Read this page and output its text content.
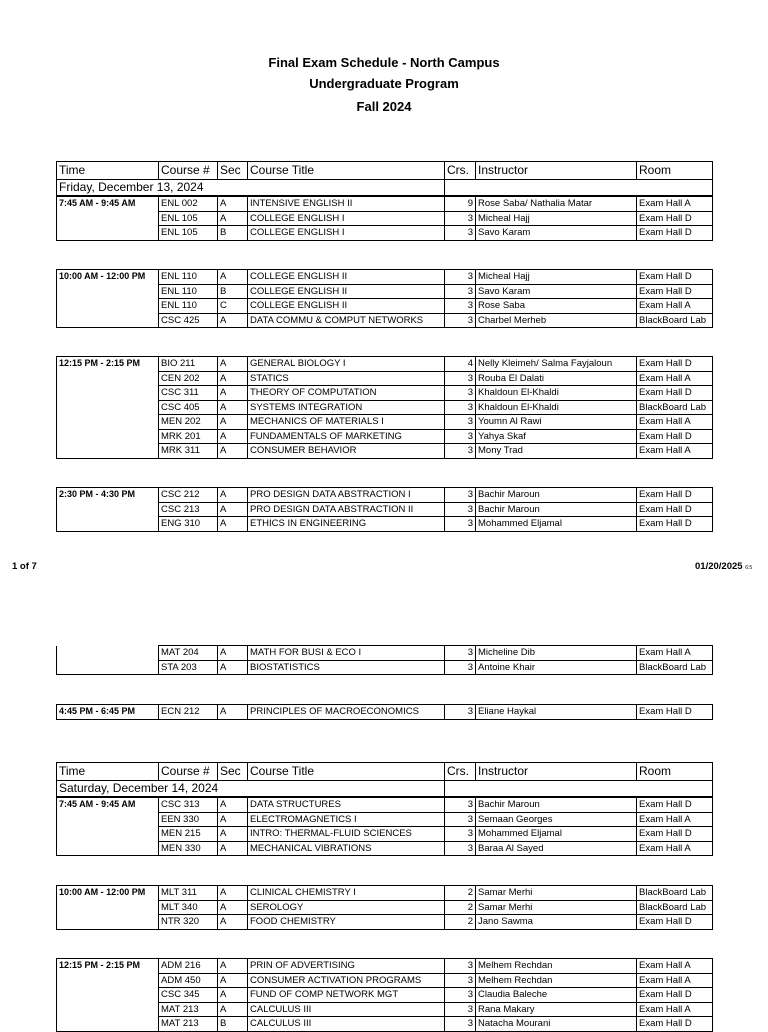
Final Exam Schedule - North Campus
Undergraduate Program
Fall 2024
Time	Course #	Sec	Course Title	Crs.	Instructor	Room
Friday, December 13, 2024						
7:45 AM - 9:45 AM	ENL 002	A	INTENSIVE ENGLISH II	9	Rose Saba/ Nathalia Matar	Exam Hall A
	ENL 105	A	COLLEGE ENGLISH I	3	Micheal Hajj	Exam Hall D
	ENL 105	B	COLLEGE ENGLISH I	3	Savo Karam	Exam Hall D
10:00 AM - 12:00 PM	ENL 110	A	COLLEGE ENGLISH II	3	Micheal Hajj	Exam Hall D
	ENL 110	B	COLLEGE ENGLISH II	3	Savo Karam	Exam Hall D
	ENL 110	C	COLLEGE ENGLISH II	3	Rose Saba	Exam Hall A
	CSC 425	A	DATA COMMU & COMPUT NETWORKS	3	Charbel Merheb	BlackBoard Lab
12:15 PM - 2:15 PM	BIO 211	A	GENERAL BIOLOGY I	4	Nelly Kleimeh/ Salma Fayjaloun	Exam Hall D
	CEN 202	A	STATICS	3	Rouba El Dalati	Exam Hall A
	CSC 311	A	THEORY OF COMPUTATION	3	Khaldoun El-Khaldi	Exam Hall D
	CSC 405	A	SYSTEMS INTEGRATION	3	Khaldoun El-Khaldi	BlackBoard Lab
	MEN 202	A	MECHANICS OF MATERIALS I	3	Youmn Al Rawi	Exam Hall A
	MRK 201	A	FUNDAMENTALS OF MARKETING	3	Yahya Skaf	Exam Hall D
	MRK 311	A	CONSUMER BEHAVIOR	3	Mony Trad	Exam Hall A
2:30 PM - 4:30 PM	CSC 212	A	PRO DESIGN DATA ABSTRACTION I	3	Bachir Maroun	Exam Hall D
	CSC 213	A	PRO DESIGN DATA ABSTRACTION II	3	Bachir Maroun	Exam Hall D
	ENG 310	A	ETHICS IN ENGINEERING	3	Mohammed Eljamal	Exam Hall D
1 of 7	01/20/2025 6:5
	MAT 204	A	MATH FOR BUSI & ECO I	3	Micheline Dib	Exam Hall A
	STA 203	A	BIOSTATISTICS	3	Antoine Khair	BlackBoard Lab
4:45 PM - 6:45 PM	ECN 212	A	PRINCIPLES OF MACROECONOMICS	3	Eliane Haykal	Exam Hall D
Time	Course #	Sec	Course Title	Crs.	Instructor	Room
Saturday, December 14, 2024						
7:45 AM - 9:45 AM	CSC 313	A	DATA STRUCTURES	3	Bachir Maroun	Exam Hall D
	EEN 330	A	ELECTROMAGNETICS I	3	Semaan Georges	Exam Hall A
	MEN 215	A	INTRO: THERMAL-FLUID SCIENCES	3	Mohammed Eljamal	Exam Hall D
	MEN 330	A	MECHANICAL VIBRATIONS	3	Baraa Al Sayed	Exam Hall A
10:00 AM - 12:00 PM	MLT 311	A	CLINICAL CHEMISTRY I	2	Samar Merhi	BlackBoard Lab
	MLT 340	A	SEROLOGY	2	Samar Merhi	BlackBoard Lab
	NTR 320	A	FOOD CHEMISTRY	2	Jano Sawma	Exam Hall D
12:15 PM - 2:15 PM	ADM 216	A	PRIN OF ADVERTISING	3	Melhem Rechdan	Exam Hall A
	ADM 450	A	CONSUMER ACTIVATION PROGRAMS	3	Melhem Rechdan	Exam Hall A
	CSC 345	A	FUND OF COMP NETWORK MGT	3	Claudia Baleche	Exam Hall D
	MAT 213	A	CALCULUS III	3	Rana Makary	Exam Hall A
	MAT 213	B	CALCULUS III	3	Natacha Mourani	Exam Hall D
